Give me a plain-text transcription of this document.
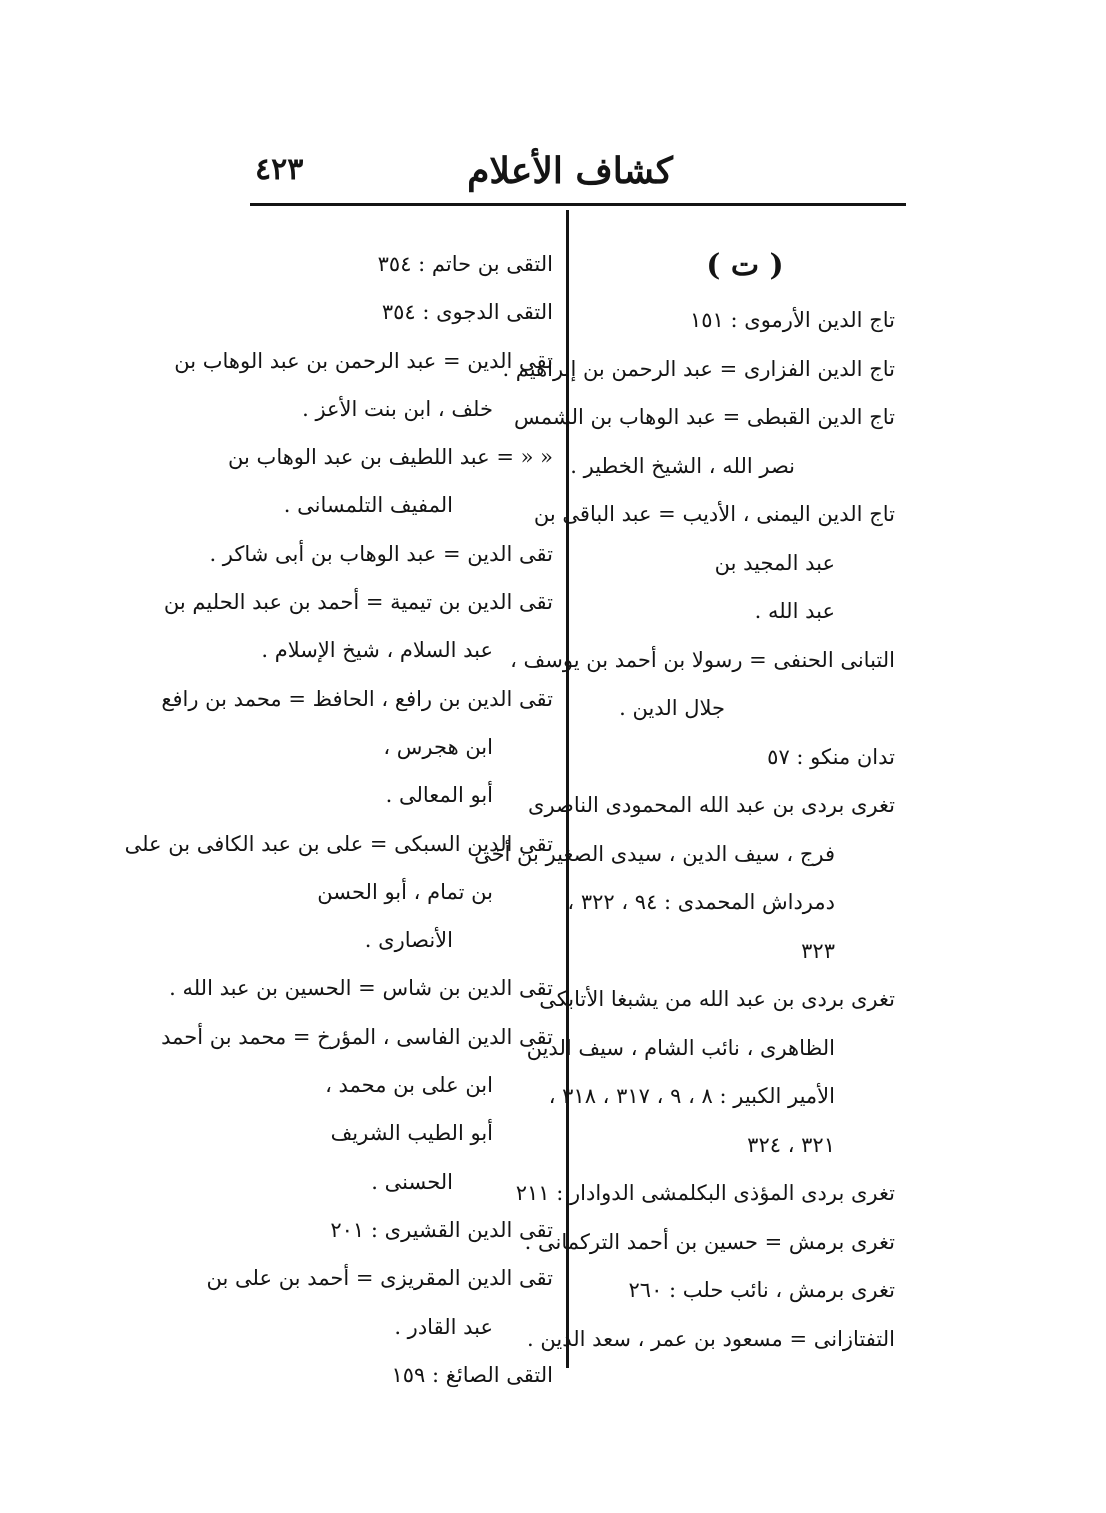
كشاف الأعلام
٤٢٣
( ت )
تاج الدين الأرموى : ١٥١
تاج الدين الفزارى = عبد الرحمن بن إبراهيم .
تاج الدين القبطى = عبد الوهاب بن الشمس
نصر الله ، الشيخ الخطير .
تاج الدين اليمنى ، الأديب = عبد الباقى بن
عبد المجيد بن
عبد الله .
التبانى الحنفى = رسولا بن أحمد بن يوسف ،
جلال الدين .
تدان منكو : ٥٧
تغرى بردى بن عبد الله المحمودى الناصرى
فرج ، سيف الدين ، سيدى الصغير بن أخى
دمرداش المحمدى : ٩٤ ، ٣٢٢ ،
٣٢٣
تغرى بردى بن عبد الله من يشبغا الأتابكى
الظاهرى ، نائب الشام ، سيف الدين
الأمير الكبير : ٨ ، ٩ ، ٣١٧ ، ٣١٨ ،
٣٢١ ، ٣٢٤
تغرى بردى المؤذى البكلمشى الدوادار : ٢١١
تغرى برمش = حسين بن أحمد التركمانى .
تغرى برمش ، نائب حلب : ٢٦٠
التفتازانى = مسعود بن عمر ، سعد الدين .
التقى بن حاتم : ٣٥٤
التقى الدجوى : ٣٥٤
تقى الدين = عبد الرحمن بن عبد الوهاب بن
خلف ، ابن بنت الأعز .
« « = عبد اللطيف بن عبد الوهاب بن
المفيف التلمسانى .
تقى الدين = عبد الوهاب بن أبى شاكر .
تقى الدين بن تيمية = أحمد بن عبد الحليم بن
عبد السلام ، شيخ الإسلام .
تقى الدين بن رافع ، الحافظ = محمد بن رافع
ابن هجرس ،
أبو المعالى .
تقى الدين السبكى = على بن عبد الكافى بن على
بن تمام ، أبو الحسن
الأنصارى .
تقى الدين بن شاس = الحسين بن عبد الله .
تقى الدين الفاسى ، المؤرخ = محمد بن أحمد
ابن على بن محمد ،
أبو الطيب الشريف
الحسنى .
تقى الدين القشيرى : ٢٠١
تقى الدين المقريزى = أحمد بن على بن
عبد القادر .
التقى الصائغ : ١٥٩
